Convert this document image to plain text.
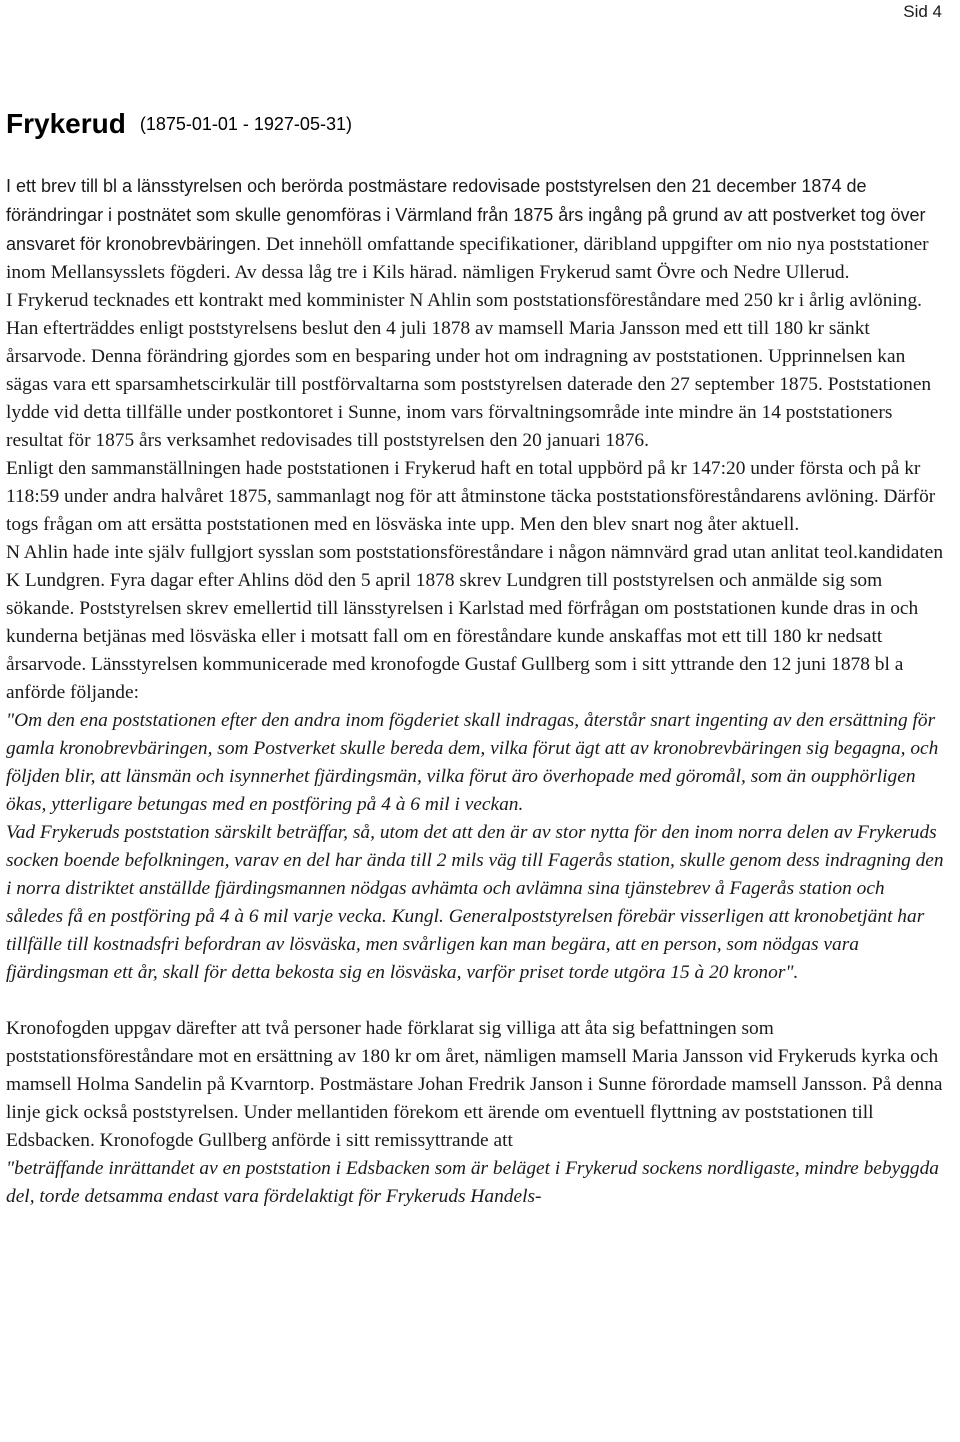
Sid 4
Frykerud (1875-01-01 - 1927-05-31)

I ett brev till bl a länsstyrelsen och berörda postmästare redovisade poststyrelsen den 21 december 1874 de förändringar i postnätet som skulle genomföras i Värmland från 1875 års ingång på grund av att postverket tog över ansvaret för kronobrevbäringen. Det innehöll omfattande specifikationer, däribland uppgifter om nio nya poststationer inom Mellansysslets fögderi. Av dessa låg tre i Kils härad. nämligen Frykerud samt Övre och Nedre Ullerud.

I Frykerud tecknades ett kontrakt med komminister N Ahlin som poststationsföreståndare med 250 kr i årlig avlöning. Han efterträddes enligt poststyrelsens beslut den 4 juli 1878 av mamsell Maria Jansson med ett till 180 kr sänkt årsarvode. Denna förändring gjordes som en besparing under hot om indragning av poststationen. Upprinnelsen kan sägas vara ett sparsamhetscirkulär till postförvaltarna som poststyrelsen daterade den 27 september 1875. Poststationen lydde vid detta tillfälle under postkontoret i Sunne, inom vars förvaltningsområde inte mindre än 14 poststationers resultat för 1875 års verksamhet redovisades till poststyrelsen den 20 januari 1876.

Enligt den sammanställningen hade poststationen i Frykerud haft en total uppbörd på kr 147:20 under första och på kr 118:59 under andra halvåret 1875, sammanlagt nog för att åtminstone täcka poststationsföreståndarens avlöning. Därför togs frågan om att ersätta poststationen med en lösväska inte upp. Men den blev snart nog åter aktuell.

N Ahlin hade inte själv fullgjort sysslan som poststationsföreståndare i någon nämnvärd grad utan anlitat teol.kandidaten K Lundgren. Fyra dagar efter Ahlins död den 5 april 1878 skrev Lundgren till poststyrelsen och anmälde sig som sökande. Poststyrelsen skrev emellertid till länsstyrelsen i Karlstad med förfrågan om poststationen kunde dras in och kunderna betjänas med lösväska eller i motsatt fall om en föreståndare kunde anskaffas mot ett till 180 kr nedsatt årsarvode. Länsstyrelsen kommunicerade med kronofogde Gustaf Gullberg som i sitt yttrande den 12 juni 1878 bl a anförde följande:

"Om den ena poststationen efter den andra inom fögderiet skall indragas, återstår snart ingenting av den ersättning för gamla kronobrevbäringen, som Postverket skulle bereda dem, vilka förut ägt att av kronobrevbäringen sig begagna, och följden blir, att länsmän och isynnerhet fjärdingsmän, vilka förut äro överhopade med göromål, som än oupphörligen ökas, ytterligare betungas med en postföring på 4 à 6 mil i veckan.

Vad Frykeruds poststation särskilt beträffar, så, utom det att den är av stor nytta för den inom norra delen av Frykeruds socken boende befolkningen, varav en del har ända till 2 mils väg till Fagerås station, skulle genom dess indragning den i norra distriktet anställde fjärdingsmannen nödgas avhämta och avlämna sina tjänstebrev å Fagerås station och således få en postföring på 4 à 6 mil varje vecka. Kungl. Generalpoststyrelsen förebär visserligen att kronobetjänt har tillfälle till kostnadsfri befordran av lösväska, men svårligen kan man begära, att en person, som nödgas vara fjärdingsman ett år, skall för detta bekosta sig en lösväska, varför priset torde utgöra 15 à 20 kronor".

Kronofogden uppgav därefter att två personer hade förklarat sig villiga att åta sig befattningen som poststationsföreståndare mot en ersättning av 180 kr om året, nämligen mamsell Maria Jansson vid Frykeruds kyrka och mamsell Holma Sandelin på Kvarntorp. Postmästare Johan Fredrik Janson i Sunne förordade mamsell Jansson. På denna linje gick också poststyrelsen. Under mellantiden förekom ett ärende om eventuell flyttning av poststationen till Edsbacken. Kronofogde Gullberg anförde i sitt remissyttrande att

"beträffande inrättandet av en poststation i Edsbacken som är beläget i Frykerud sockens nordligaste, mindre bebyggda del, torde detsamma endast vara fördelaktigt för Frykeruds Handels-
